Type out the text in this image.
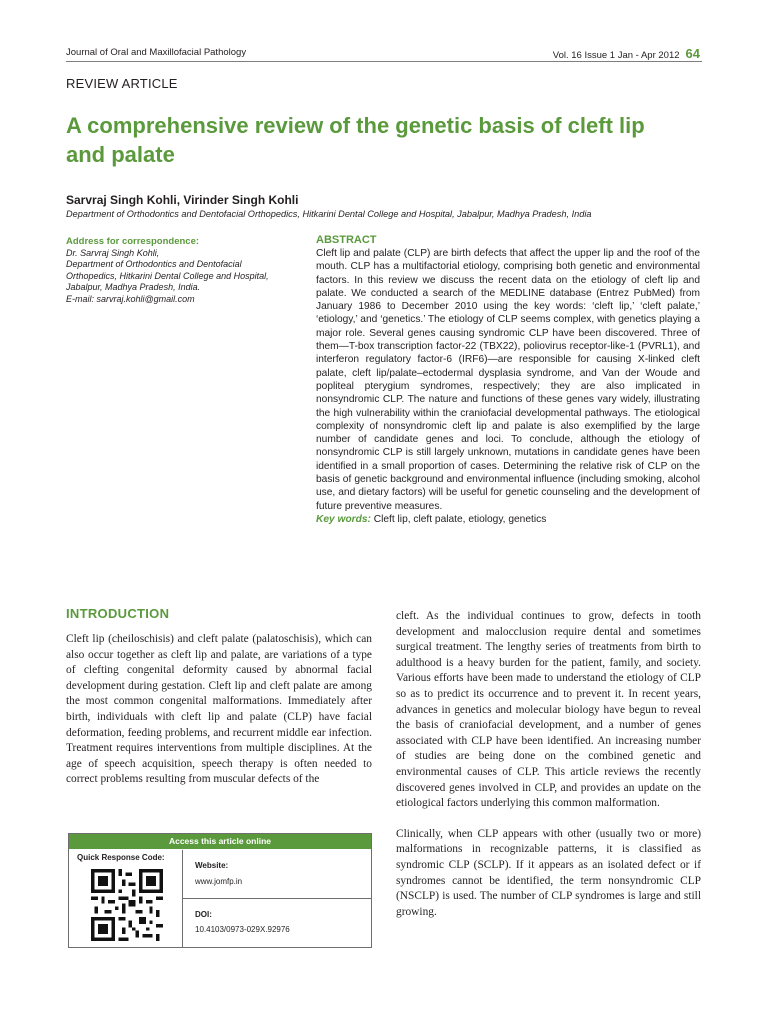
Journal of Oral and Maxillofacial Pathology	Vol. 16 Issue 1 Jan - Apr 2012 64
REVIEW ARTICLE
A comprehensive review of the genetic basis of cleft lip
and palate
Sarvraj Singh Kohli, Virinder Singh Kohli
Department of Orthodontics and Dentofacial Orthopedics, Hitkarini Dental College and Hospital, Jabalpur, Madhya Pradesh, India
Address for correspondence:
Dr. Sarvraj Singh Kohli,
Department of Orthodontics and Dentofacial
Orthopedics, Hitkarini Dental College and Hospital,
Jabalpur, Madhya Pradesh, India.
E-mail: sarvraj.kohli@gmail.com
ABSTRACT

Cleft lip and palate (CLP) are birth defects that affect the upper lip and the roof of the mouth. CLP has a multifactorial etiology, comprising both genetic and environmental factors. In this review we discuss the recent data on the etiology of cleft lip and palate. We conducted a search of the MEDLINE database (Entrez PubMed) from January 1986 to December 2010 using the key words: ‘cleft lip,’ ‘cleft palate,’ ‘etiology,’ and ‘genetics.’ The etiology of CLP seems complex, with genetics playing a major role. Several genes causing syndromic CLP have been discovered. Three of them—T-box transcription factor-22 (TBX22), poliovirus receptor-like-1 (PVRL1), and interferon regulatory factor-6 (IRF6)—are responsible for causing X-linked cleft palate, cleft lip/palate–ectodermal dysplasia syndrome, and Van der Woude and popliteal pterygium syndromes, respectively; they are also implicated in nonsyndromic CLP. The nature and functions of these genes vary widely, illustrating the high vulnerability within the craniofacial developmental pathways. The etiological complexity of nonsyndromic cleft lip and palate is also exemplified by the large number of candidate genes and loci. To conclude, although the etiology of nonsyndromic CLP is still largely unknown, mutations in candidate genes have been identified in a small proportion of cases. Determining the relative risk of CLP on the basis of genetic background and environmental influence (including smoking, alcohol use, and dietary factors) will be useful for genetic counseling and the development of future preventive measures.

Key words: Cleft lip, cleft palate, etiology, genetics
INTRODUCTION

Cleft lip (cheiloschisis) and cleft palate (palatoschisis), which can also occur together as cleft lip and palate, are variations of a type of clefting congenital deformity caused by abnormal facial development during gestation. Cleft lip and cleft palate are among the most common congenital malformations. Immediately after birth, individuals with cleft lip and palate (CLP) have facial deformation, feeding problems, and recurrent middle ear infection. Treatment requires interventions from multiple disciplines. At the age of speech acquisition, speech therapy is often needed to correct problems resulting from muscular defects of the

cleft. As the individual continues to grow, defects in tooth development and malocclusion require dental and sometimes surgical treatment. The lengthy series of treatments from birth to adulthood is a heavy burden for the patient, family, and society. Various efforts have been made to understand the etiology of CLP so as to predict its occurrence and to prevent it. In recent years, advances in genetics and molecular biology have begun to reveal the basis of craniofacial development, and a number of genes associated with CLP have been identified. An increasing number of studies are being done on the combined genetic and environmental causes of CLP. This article reviews the recently discovered genes involved in CLP, and provides an update on the etiological factors underlying this common malformation.

Clinically, when CLP appears with other (usually two or more) malformations in recognizable patterns, it is classified as syndromic CLP (SCLP). If it appears as an isolated defect or if syndromes cannot be identified, the term nonsyndromic CLP (NSCLP) is used. The number of CLP syndromes is large and still growing.

Access this article online
Quick Response Code:
Website:
www.jomfp.in
DOI:
10.4103/0973-029X.92976
